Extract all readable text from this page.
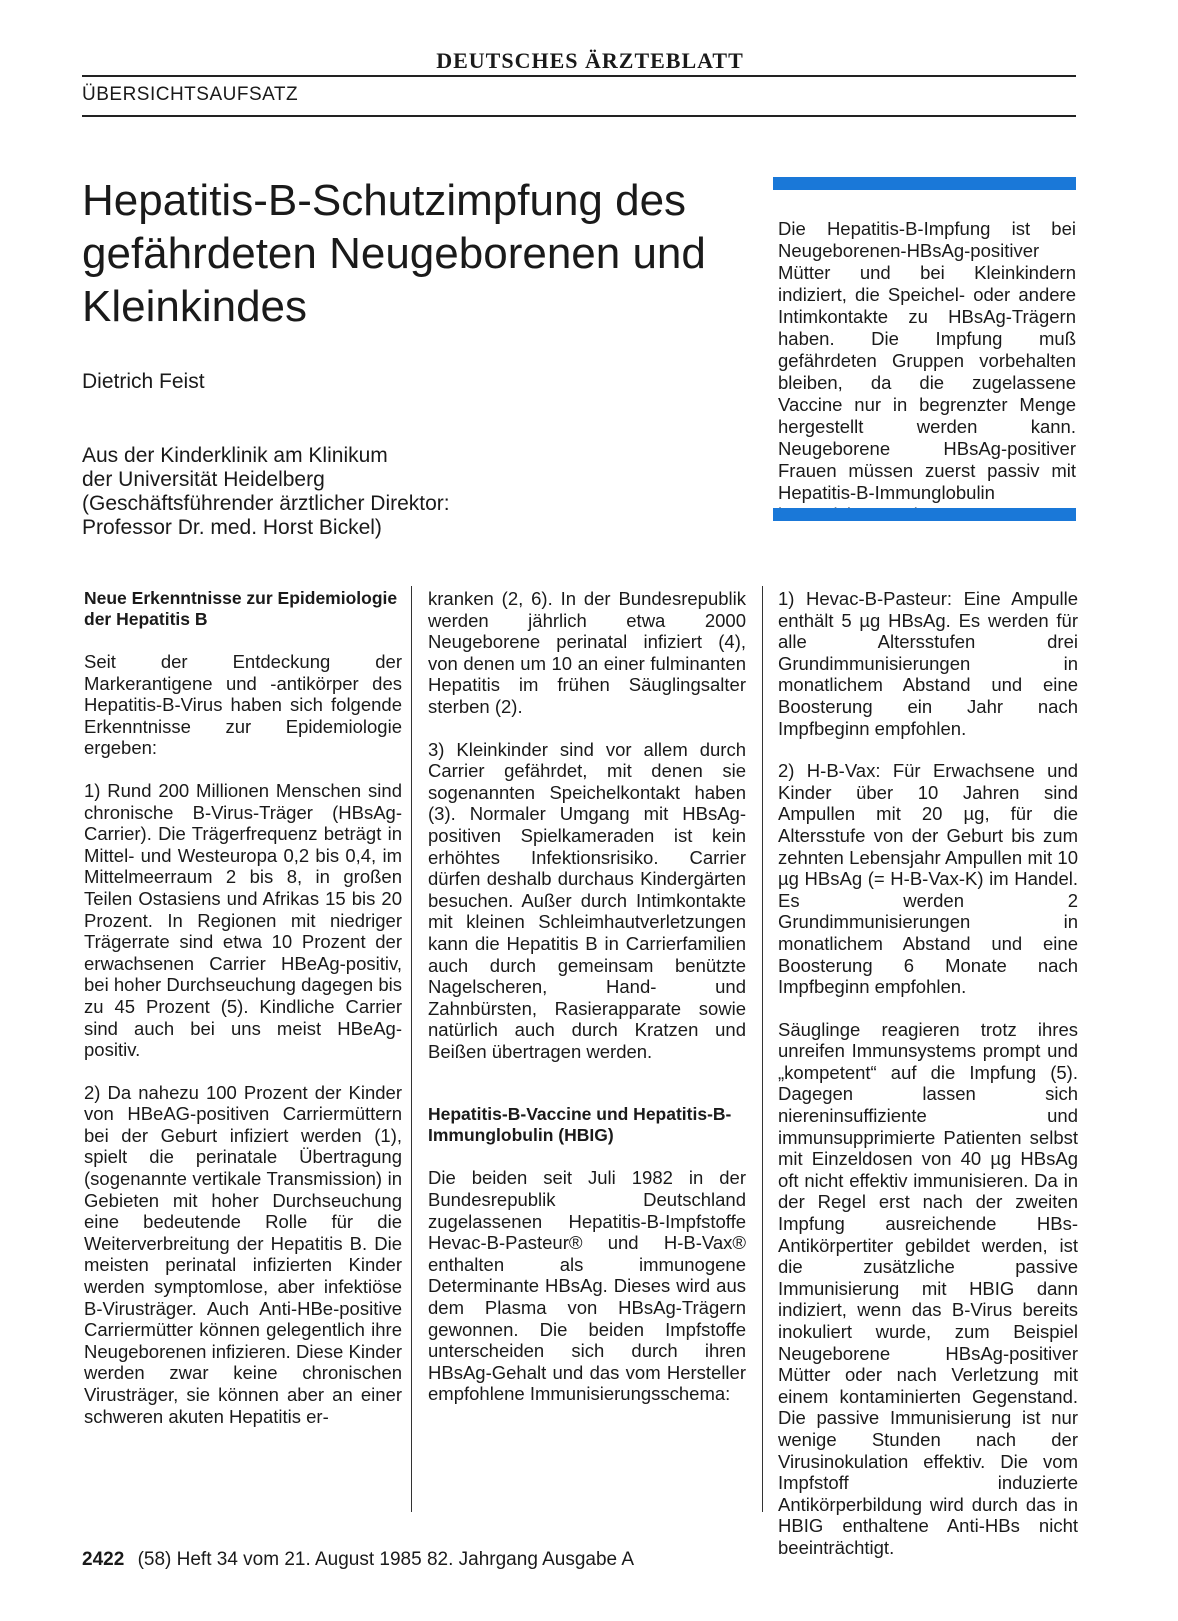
DEUTSCHES ÄRZTEBLATT
ÜBERSICHTSAUFSATZ
Hepatitis-B-Schutzimpfung des gefährdeten Neugeborenen und Kleinkindes
Dietrich Feist
Aus der Kinderklinik am Klinikum
der Universität Heidelberg
(Geschäftsführender ärztlicher Direktor:
Professor Dr. med. Horst Bickel)
Die Hepatitis-B-Impfung ist bei Neugeborenen-HBsAg-positiver Mütter und bei Kleinkindern indiziert, die Speichel- oder andere Intimkontakte zu HBsAg-Trägern haben. Die Impfung muß gefährdeten Gruppen vorbehalten bleiben, da die zugelassene Vaccine nur in begrenzter Menge hergestellt werden kann. Neugeborene HBsAg-positiver Frauen müssen zuerst passiv mit Hepatitis-B-Immunglobulin
Neue Erkenntnisse zur Epidemiologie der Hepatitis B

Seit der Entdeckung der Markerantigene und -antikörper des Hepatitis-B-Virus haben sich folgende Erkenntnisse zur Epidemiologie ergeben:

1) Rund 200 Millionen Menschen sind chronische B-Virus-Träger (HBsAg-Carrier). Die Trägerfrequenz beträgt in Mittel- und Westeuropa 0,2 bis 0,4, im Mittelmeerraum 2 bis 8, in großen Teilen Ostasiens und Afrikas 15 bis 20 Prozent. In Regionen mit niedriger Trägerrate sind etwa 10 Prozent der erwachsenen Carrier HBeAg-positiv, bei hoher Durchseuchung dagegen bis zu 45 Prozent (5). Kindliche Carrier sind auch bei uns meist HBeAg-positiv.

2) Da nahezu 100 Prozent der Kinder von HBeAG-positiven Carriermüttern bei der Geburt infiziert werden (1), spielt die perinatale Übertragung (sogenannte vertikale Transmission) in Gebieten mit hoher Durchseuchung eine bedeutende Rolle für die Weiterverbreitung der Hepatitis B. Die meisten perinatal infizierten Kinder werden symptomlose, aber infektiöse B-Virusträger. Auch Anti-HBe-positive Carriermütter können gelegentlich ihre Neugeborenen infizieren. Diese Kinder werden zwar keine chronischen Virusträger, sie können aber an einer schweren akuten Hepatitis er-

kranken (2, 6). In der Bundesrepublik werden jährlich etwa 2000 Neugeborene perinatal infiziert (4), von denen um 10 an einer fulminanten Hepatitis im frühen Säuglingsalter sterben (2).

3) Kleinkinder sind vor allem durch Carrier gefährdet, mit denen sie sogenannten Speichelkontakt haben (3). Normaler Umgang mit HBsAg-positiven Spielkameraden ist kein erhöhtes Infektionsrisiko. Carrier dürfen deshalb durchaus Kindergärten besuchen. Außer durch Intimkontakte mit kleinen Schleimhautverletzungen kann die Hepatitis B in Carrierfamilien auch durch gemeinsam benützte Nagelscheren, Hand- und Zahnbürsten, Rasierapparate sowie natürlich auch durch Kratzen und Beißen übertragen werden.

Hepatitis-B-Vaccine und Hepatitis-B-Immunglobulin (HBIG)

Die beiden seit Juli 1982 in der Bundesrepublik Deutschland zugelassenen Hepatitis-B-Impfstoffe Hevac-B-Pasteur® und H-B-Vax® enthalten als immunogene Determinante HBsAg. Dieses wird aus dem Plasma von HBsAg-Trägern gewonnen. Die beiden Impfstoffe unterscheiden sich durch ihren HBsAg-Gehalt und das vom Hersteller empfohlene Immunisierungsschema:

1) Hevac-B-Pasteur: Eine Ampulle enthält 5 µg HBsAg. Es werden für alle Altersstufen drei Grundimmunisierungen in monatlichem Abstand und eine Boosterung ein Jahr nach Impfbeginn empfohlen.

2) H-B-Vax: Für Erwachsene und Kinder über 10 Jahren sind Ampullen mit 20 µg, für die Altersstufe von der Geburt bis zum zehnten Lebensjahr Ampullen mit 10 µg HBsAg (= H-B-Vax-K) im Handel. Es werden 2 Grundimmunisierungen in monatlichem Abstand und eine Boosterung 6 Monate nach Impfbeginn empfohlen.

Säuglinge reagieren trotz ihres unreifen Immunsystems prompt und „kompetent“ auf die Impfung (5). Dagegen lassen sich niereninsuffiziente und immunsupprimierte Patienten selbst mit Einzeldosen von 40 µg HBsAg oft nicht effektiv immunisieren. Da in der Regel erst nach der zweiten Impfung ausreichende HBs-Antikörpertiter gebildet werden, ist die zusätzliche passive Immunisierung mit HBIG dann indiziert, wenn das B-Virus bereits inokuliert wurde, zum Beispiel Neugeborene HBsAg-positiver Mütter oder nach Verletzung mit einem kontaminierten Gegenstand. Die passive Immunisierung ist nur wenige Stunden nach der Virusinokulation effektiv. Die vom Impfstoff induzierte Antikörperbildung wird durch das in HBIG enthaltene Anti-HBs nicht beeinträchtigt.

2422 (58) Heft 34 vom 21. August 1985 82. Jahrgang Ausgabe A
